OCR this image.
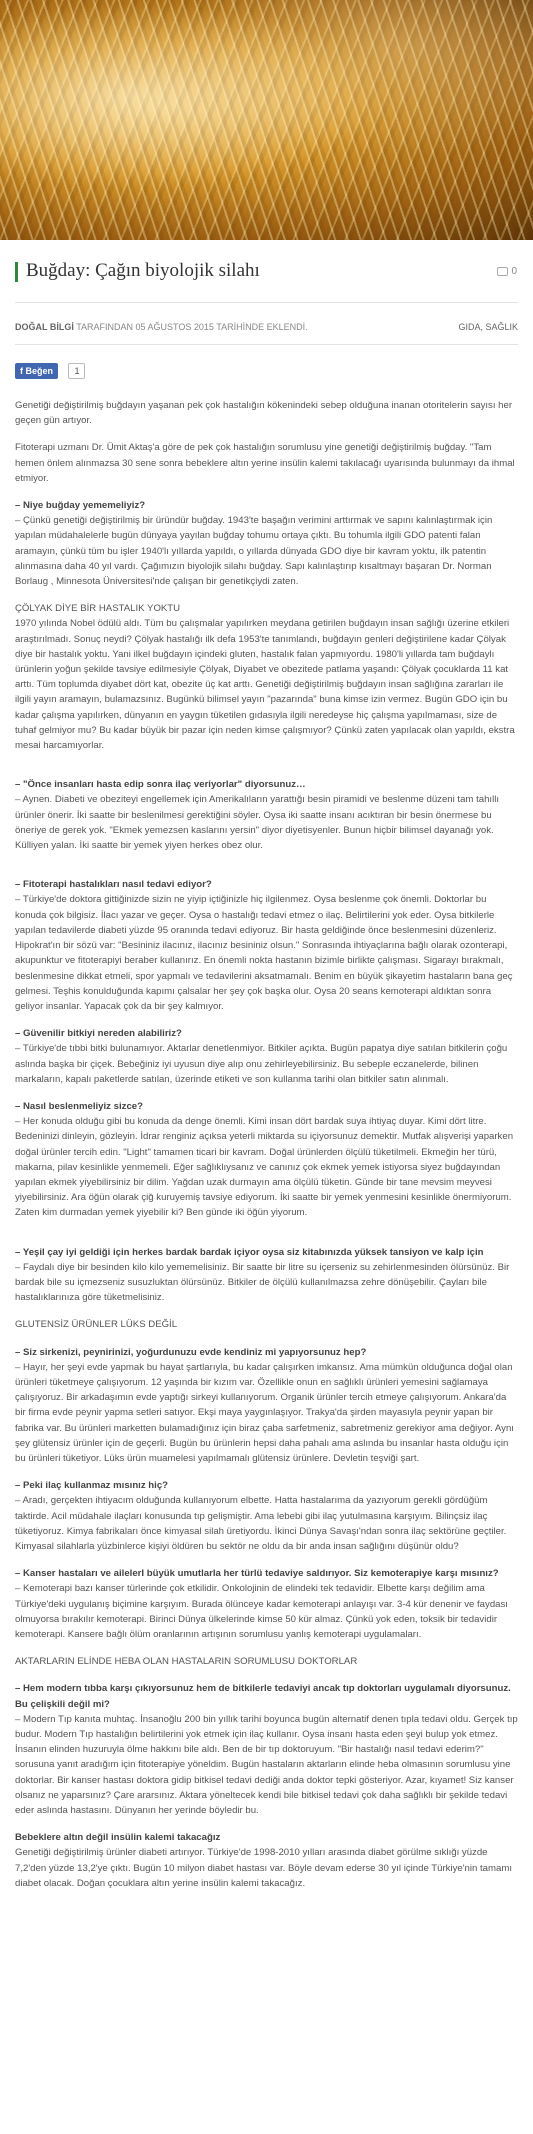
Buğday: Çağın biyolojik silahı	0
DOĞAL BİLGİ TARAFINDAN 05 AĞUSTOS 2015 TARİHİNDE EKLENDİ.	GIDA, SAĞLIK
f Beğen 1

Genetiği değiştirilmiş buğdayın yaşanan pek çok hastalığın kökenindeki sebep olduğuna inanan otoritelerin sayısı her geçen gün artıyor.

Fitoterapi uzmanı Dr. Ümit Aktaş'a göre de pek çok hastalığın sorumlusu yine genetiği değiştirilmiş buğday. "Tam hemen önlem alınmazsa 30 sene sonra bebeklere altın yerine insülin kalemi takılacağı uyarısında bulunmayı da ihmal etmiyor.

– Niye buğday yememeliyiz?

– Çünkü genetiği değiştirilmiş bir üründür buğday. 1943'te başağın verimini arttırmak ve sapını kalınlaştırmak için yapılan müdahalelerle bugün dünyaya yayılan buğday tohumu ortaya çıktı. Bu tohumla ilgili GDO patenti falan aramayın, çünkü tüm bu işler 1940'lı yıllarda yapıldı, o yıllarda dünyada GDO diye bir kavram yoktu, ilk patentin alınmasına daha 40 yıl vardı. Çağımızın biyolojik silahı buğday. Sapı kalınlaştırıp kısaltmayı başaran Dr. Norman Borlaug , Minnesota Üniversitesi'nde çalışan bir genetikçiydi zaten.

ÇÖLYAK DİYE BİR HASTALIK YOKTU

1970 yılında Nobel ödülü aldı. Tüm bu çalışmalar yapılırken meydana getirilen buğdayın insan sağlığı üzerine etkileri araştırılmadı. Sonuç neydi? Çölyak hastalığı ilk defa 1953'te tanımlandı, buğdayın genleri değiştirilene kadar Çölyak diye bir hastalık yoktu. Yani ilkel buğdayın içindeki gluten, hastalık falan yapmıyordu. 1980'li yıllarda tam buğdaylı ürünlerin yoğun şekilde tavsiye edilmesiyle Çölyak, Diyabet ve obezitede patlama yaşandı: Çölyak çocuklarda 11 kat arttı. Tüm toplumda diyabet dört kat, obezite üç kat arttı. Genetiği değiştirilmiş buğdayın insan sağlığına zararları ile ilgili yayın aramayın, bulamazsınız. Bugünkü bilimsel yayın "pazarında" buna kimse izin vermez. Bugün GDO için bu kadar çalışma yapılırken, dünyanın en yaygın tüketilen gıdasıyla ilgili neredeyse hiç çalışma yapılmaması, size de tuhaf gelmiyor mu? Bu kadar büyük bir pazar için neden kimse çalışmıyor? Çünkü zaten yapılacak olan yapıldı, ekstra mesai harcamıyorlar.

– "Önce insanları hasta edip sonra ilaç veriyorlar" diyorsunuz…

– Aynen. Diabeti ve obeziteyi engellemek için Amerikalıların yarattığı besin piramidi ve beslenme düzeni tam tahıllı ürünler önerir. İki saatte bir beslenilmesi gerektiğini söyler. Oysa iki saatte insanı acıktıran bir besin önermese bu öneriye de gerek yok. "Ekmek yemezsen kaslarını yersin" diyor diyetisyenler. Bunun hiçbir bilimsel dayanağı yok. Külliyen yalan. İki saatte bir yemek yiyen herkes obez olur.

– Fitoterapi hastalıkları nasıl tedavi ediyor?

– Türkiye'de doktora gittiğinizde sizin ne yiyip içtiğinizle hiç ilgilenmez. Oysa beslenme çok önemli. Doktorlar bu konuda çok bilgisiz. İlacı yazar ve geçer. Oysa o hastalığı tedavi etmez o ilaç. Belirtilerini yok eder. Oysa bitkilerle yapılan tedavilerde diabeti yüzde 95 oranında tedavi ediyoruz. Bir hasta geldiğinde önce beslenmesini düzenleriz. Hipokrat'ın bir sözü var: "Besininiz ilacınız, ilacınız besininiz olsun." Sonrasında ihtiyaçlarına bağlı olarak ozonterapi, akupunktur ve fitoterapiyi beraber kullanırız. En önemli nokta hastanın bizimle birlikte çalışması. Sigarayı bırakmalı, beslenmesine dikkat etmeli, spor yapmalı ve tedavilerini aksatmamalı. Benim en büyük şikayetim hastaların bana geç gelmesi. Teşhis konulduğunda kapımı çalsalar her şey çok başka olur. Oysa 20 seans kemoterapi aldıktan sonra geliyor insanlar. Yapacak çok da bir şey kalmıyor.

– Güvenilir bitkiyi nereden alabiliriz?

– Türkiye'de tıbbi bitki bulunamıyor. Aktarlar denetlenmiyor. Bitkiler açıkta. Bugün papatya diye satılan bitkilerin çoğu aslında başka bir çiçek. Bebeğiniz iyi uyusun diye alıp onu zehirleyebilirsiniz. Bu sebeple eczanelerde, bilinen markaların, kapalı paketlerde satılan, üzerinde etiketi ve son kullanma tarihi olan bitkiler satın alınmalı.

– Nasıl beslenmeliyiz sizce?

– Her konuda olduğu gibi bu konuda da denge önemli. Kimi insan dört bardak suya ihtiyaç duyar. Kimi dört litre. Bedeninizi dinleyin, gözleyin. İdrar renginiz açıksa yeterli miktarda su içiyorsunuz demektir. Mutfak alışverişi yaparken doğal ürünler tercih edin. "Light" tamamen ticari bir kavram. Doğal ürünlerden ölçülü tüketilmeli. Ekmeğin her türü, makarna, pilav kesinlikle yenmemeli. Eğer sağlıklıysanız ve canınız çok ekmek yemek istiyorsa siyez buğdayından yapılan ekmek yiyebilirsiniz bir dilim. Yağdan uzak durmayın ama ölçülü tüketin. Günde bir tane mevsim meyvesi yiyebilirsiniz. Ara öğün olarak çiğ kuruyemiş tavsiye ediyorum. İki saatte bir yemek yenmesini kesinlikle önermiyorum. Zaten kim durmadan yemek yiyebilir ki? Ben günde iki öğün yiyorum.

– Yeşil çay iyi geldiği için herkes bardak bardak içiyor oysa siz kitabınızda yüksek tansiyon ve kalp için

– Faydalı diye bir besinden kilo kilo yememelisiniz. Bir saatte bir litre su içerseniz su zehirlenmesinden ölürsünüz. Bir bardak bile su içmezseniz susuzluktan ölürsünüz. Bitkiler de ölçülü kullanılmazsa zehre dönüşebilir. Çayları bile hastalıklarınıza göre tüketmelisiniz.

GLUTENSİZ ÜRÜNLER LÜKS DEĞİL

– Siz sirkenizi, peynirinizi, yoğurdunuzu evde kendiniz mi yapıyorsunuz hep?

– Hayır, her şeyi evde yapmak bu hayat şartlarıyla, bu kadar çalışırken imkansız. Ama mümkün olduğunca doğal olan ürünleri tüketmeye çalışıyorum. 12 yaşında bir kızım var. Özellikle onun en sağlıklı ürünleri yemesini sağlamaya çalışıyoruz. Bir arkadaşımın evde yaptığı sirkeyi kullanıyorum. Organik ürünler tercih etmeye çalışıyorum. Ankara'da bir firma evde peynir yapma setleri satıyor. Ekşi maya yaygınlaşıyor. Trakya'da şirden mayasıyla peynir yapan bir fabrika var. Bu ürünleri marketten bulamadığınız için biraz çaba sarfetmeniz, sabretmeniz gerekiyor ama değiyor. Aynı şey glütensiz ürünler için de geçerli. Bugün bu ürünlerin hepsi daha pahalı ama aslında bu insanlar hasta olduğu için bu ürünleri tüketiyor. Lüks ürün muamelesi yapılmamalı glütensiz ürünlere. Devletin teşviği şart.

– Peki ilaç kullanmaz mısınız hiç?

– Aradı, gerçekten ihtiyacım olduğunda kullanıyorum elbette. Hatta hastalarıma da yazıyorum gerekli gördüğüm taktirde. Acil müdahale ilaçları konusunda tıp gelişmiştir. Ama lebebi gibi ilaç yutulmasına karşıyım. Bilinçsiz ilaç tüketiyoruz. Kimya fabrikaları önce kimyasal silah üretiyordu. İkinci Dünya Savaşı'ndan sonra ilaç sektörüne geçtiler. Kimyasal silahlarla yüzbinlerce kişiyi öldüren bu sektör ne oldu da bir anda insan sağlığını düşünür oldu?

– Kanser hastaları ve ailelerI büyük umutlarla her türlü tedaviye saldırıyor. Siz kemoterapiye karşı mısınız?

– Kemoterapi bazı kanser türlerinde çok etkilidir. Onkolojinin de elindeki tek tedavidir. Elbette karşı değilim ama Türkiye'deki uygulanış biçimine karşıyım. Burada ölünceye kadar kemoterapi anlayışı var. 3-4 kür denenir ve faydası olmuyorsa bırakılır kemoterapi. Birinci Dünya ülkelerinde kimse 50 kür almaz. Çünkü yok eden, toksik bir tedavidir kemoterapi. Kansere bağlı ölüm oranlarının artışının sorumlusu yanlış kemoterapi uygulamaları.

AKTARLARIN ELİNDE HEBA OLAN HASTALARIN SORUMLUSU DOKTORLAR

– Hem modern tıbba karşı çıkıyorsunuz hem de bitkilerle tedaviyi ancak tıp doktorları uygulamalı diyorsunuz. Bu çelişkili değil mi?

– Modern Tıp kanıta muhtaç. İnsanoğlu 200 bin yıllık tarihi boyunca bugün alternatif denen tıpla tedavi oldu. Gerçek tıp budur. Modern Tıp hastalığın belirtilerini yok etmek için ilaç kullanır. Oysa insanı hasta eden şeyi bulup yok etmez. İnsanın elinden huzuruyla ölme hakkını bile aldı. Ben de bir tıp doktoruyum. "Bir hastalığı nasıl tedavi ederim?" sorusuna yanıt aradığım için fitoterapiye yöneldim. Bugün hastaların aktarların elinde heba olmasının sorumlusu yine doktorlar. Bir kanser hastası doktora gidip bitkisel tedavi dediği anda doktor tepki gösteriyor. Azar, kıyamet! Siz kanser olsanız ne yaparsınız? Çare ararsınız. Aktara yöneltecek kendi bile bitkisel tedavi çok daha sağlıklı bir şekilde tedavi eder aslında hastasını. Dünyanın her yerinde böyledir bu.

Bebeklere altın değil insülin kalemi takacağız

Genetiği değiştirilmiş ürünler diabeti artırıyor. Türkiye'de 1998-2010 yılları arasında diabet görülme sıklığı yüzde 7,2'den yüzde 13,2'ye çıktı. Bugün 10 milyon diabet hastası var. Böyle devam ederse 30 yıl içinde Türkiye'nin tamamı diabet olacak. Doğan çocuklara altın yerine insülin kalemi takacağız.
